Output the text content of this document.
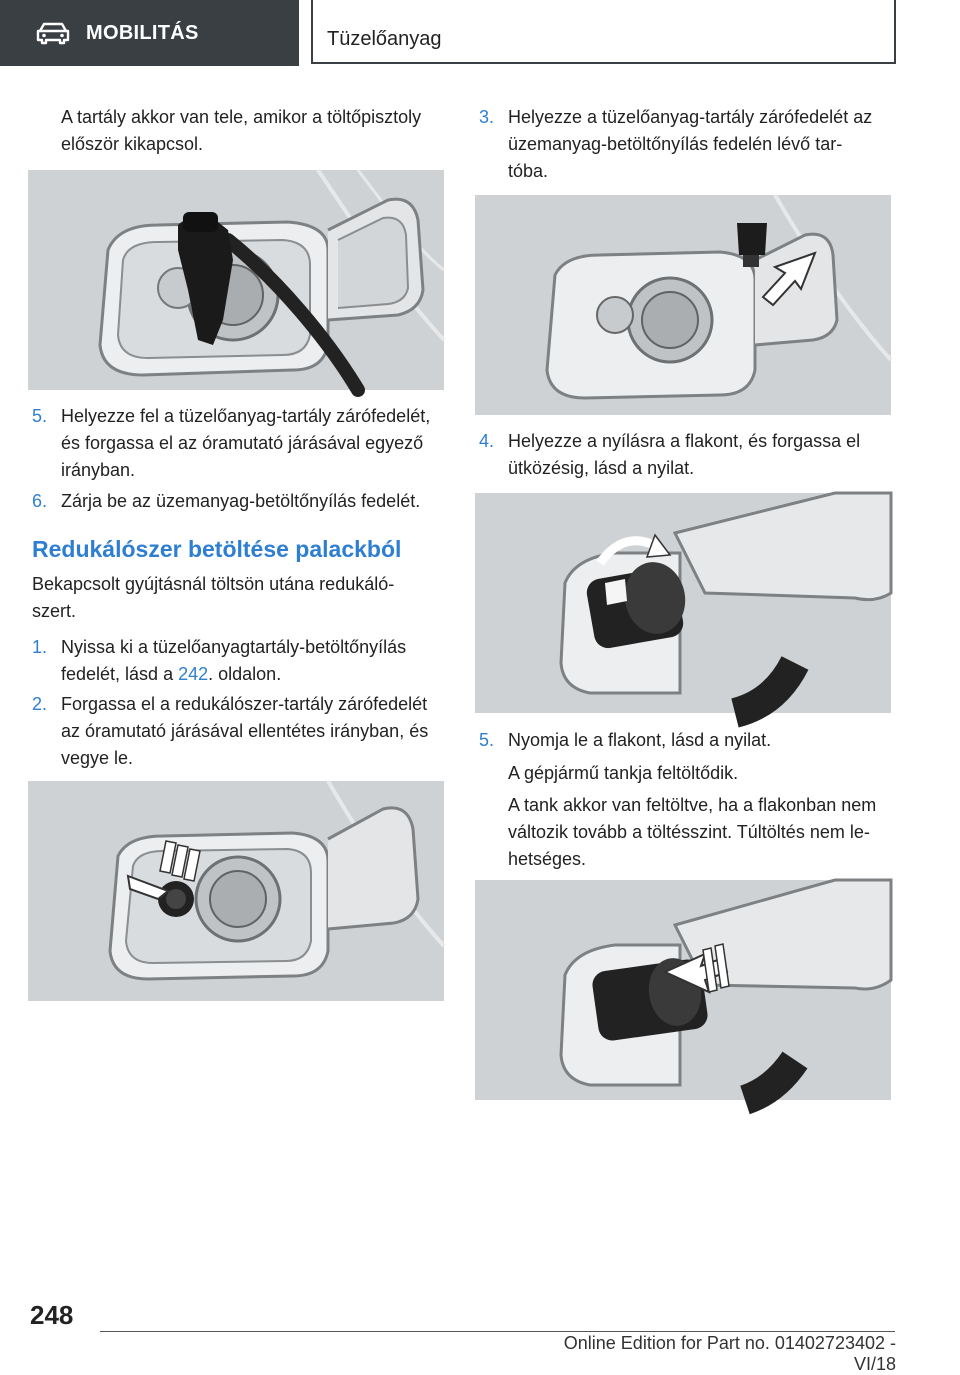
MOBILITÁS	Tüzelőanyag
A tartály akkor van tele, amikor a töltőpisztoly
először kikapcsol.
5. Helyezze fel a tüzelőanyag-tartály zárófedelét,
és forgassa el az óramutató járásával egyező
irányban.
6. Zárja be az üzemanyag-betöltőnyílás fedelét.
Redukálószer betöltése palackból
Bekapcsolt gyújtásnál töltsön utána redukáló-
szert.
1. Nyissa ki a tüzelőanyagtartály-betöltőnyílás
fedelét, lásd a 242. oldalon.
2. Forgassa el a redukálószer-tartály zárófedelét
az óramutató járásával ellentétes irányban, és
vegye le.
3. Helyezze a tüzelőanyag-tartály zárófedelét az
üzemanyag-betöltőnyílás fedelén lévő tar-
tóba.
4. Helyezze a nyílásra a flakont, és forgassa el
ütközésig, lásd a nyilat.
5. Nyomja le a flakont, lásd a nyilat.
A gépjármű tankja feltöltődik.
A tank akkor van feltöltve, ha a flakonban nem
változik tovább a töltésszint. Túltöltés nem le-
hetséges.
248
Online Edition for Part no. 01402723402 - VI/18
